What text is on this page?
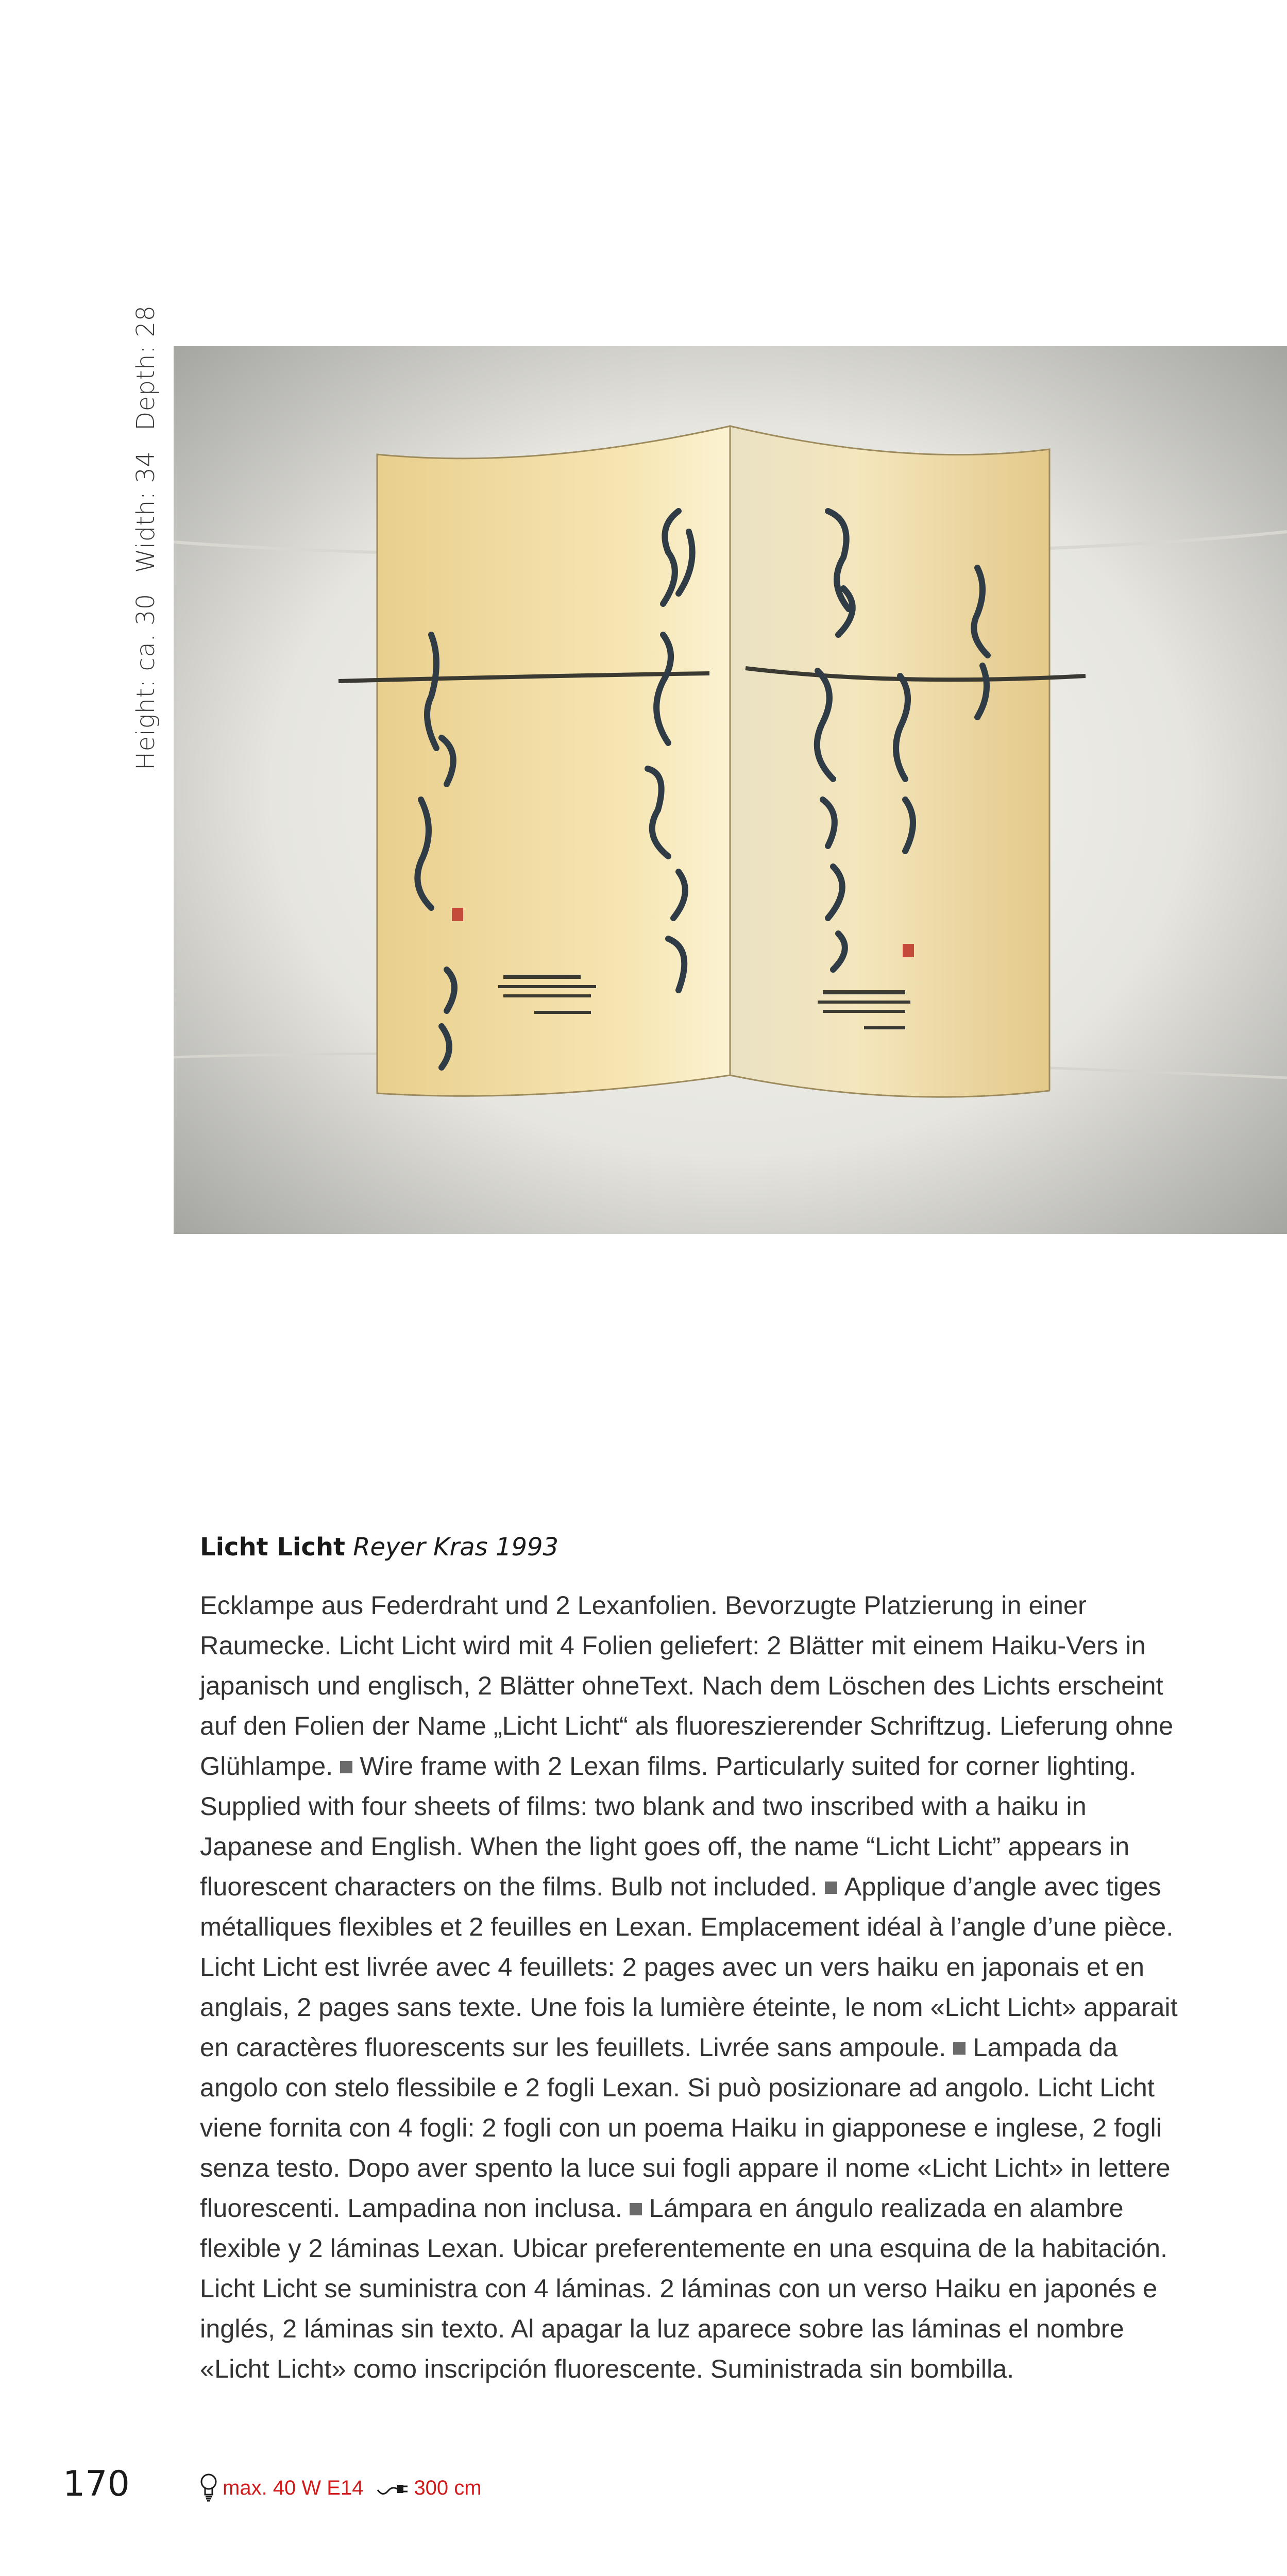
Height: ca. 30Width: 34Depth: 28

Licht Licht Reyer Kras 1993

Ecklampe aus Federdraht und 2 Lexanfolien. Bevorzugte Platzierung in einer Raumecke. Licht Licht wird mit 4 Folien geliefert: 2 Blätter mit einem Haiku-Vers in japanisch und englisch, 2 Blätter ohneText. Nach dem Löschen des Lichts erscheint auf den Folien der Name „Licht Licht“ als fluoreszierender Schriftzug. Lieferung ohne Glühlampe. Wire frame with 2 Lexan films. Particularly suited for corner lighting. Supplied with four sheets of films: two blank and two inscribed with a haiku in Japanese and English. When the light goes off, the name “Licht Licht” appears in fluorescent characters on the films. Bulb not included. Applique d’angle avec tiges métalliques flexibles et 2 feuilles en Lexan. Emplacement idéal à l’angle d’une pièce. Licht Licht est livrée avec 4 feuillets: 2 pages avec un vers haiku en japonais et en anglais, 2 pages sans texte. Une fois la lumière éteinte, le nom «Licht Licht» apparait en caractères fluorescents sur les feuillets. Livrée sans ampoule. Lampada da angolo con stelo flessibile e 2 fogli Lexan. Si può posizionare ad angolo. Licht Licht viene fornita con 4 fogli: 2 fogli con un poema Haiku in giapponese e inglese, 2 fogli senza testo. Dopo aver spento la luce sui fogli appare il nome «Licht Licht» in lettere fluorescenti. Lampadina non inclusa. Lámpara en ángulo realizada en alambre flexible y 2 láminas Lexan. Ubicar preferentemente en una esquina de la habitación. Licht Licht se suministra con 4 láminas. 2 láminas con un verso Haiku en japonés e inglés, 2 láminas sin texto. Al apagar la luz aparece sobre las láminas el nombre «Licht Licht» como inscripción fluorescente. Suministrada sin bombilla.

170	max. 40 W E14 300 cm
